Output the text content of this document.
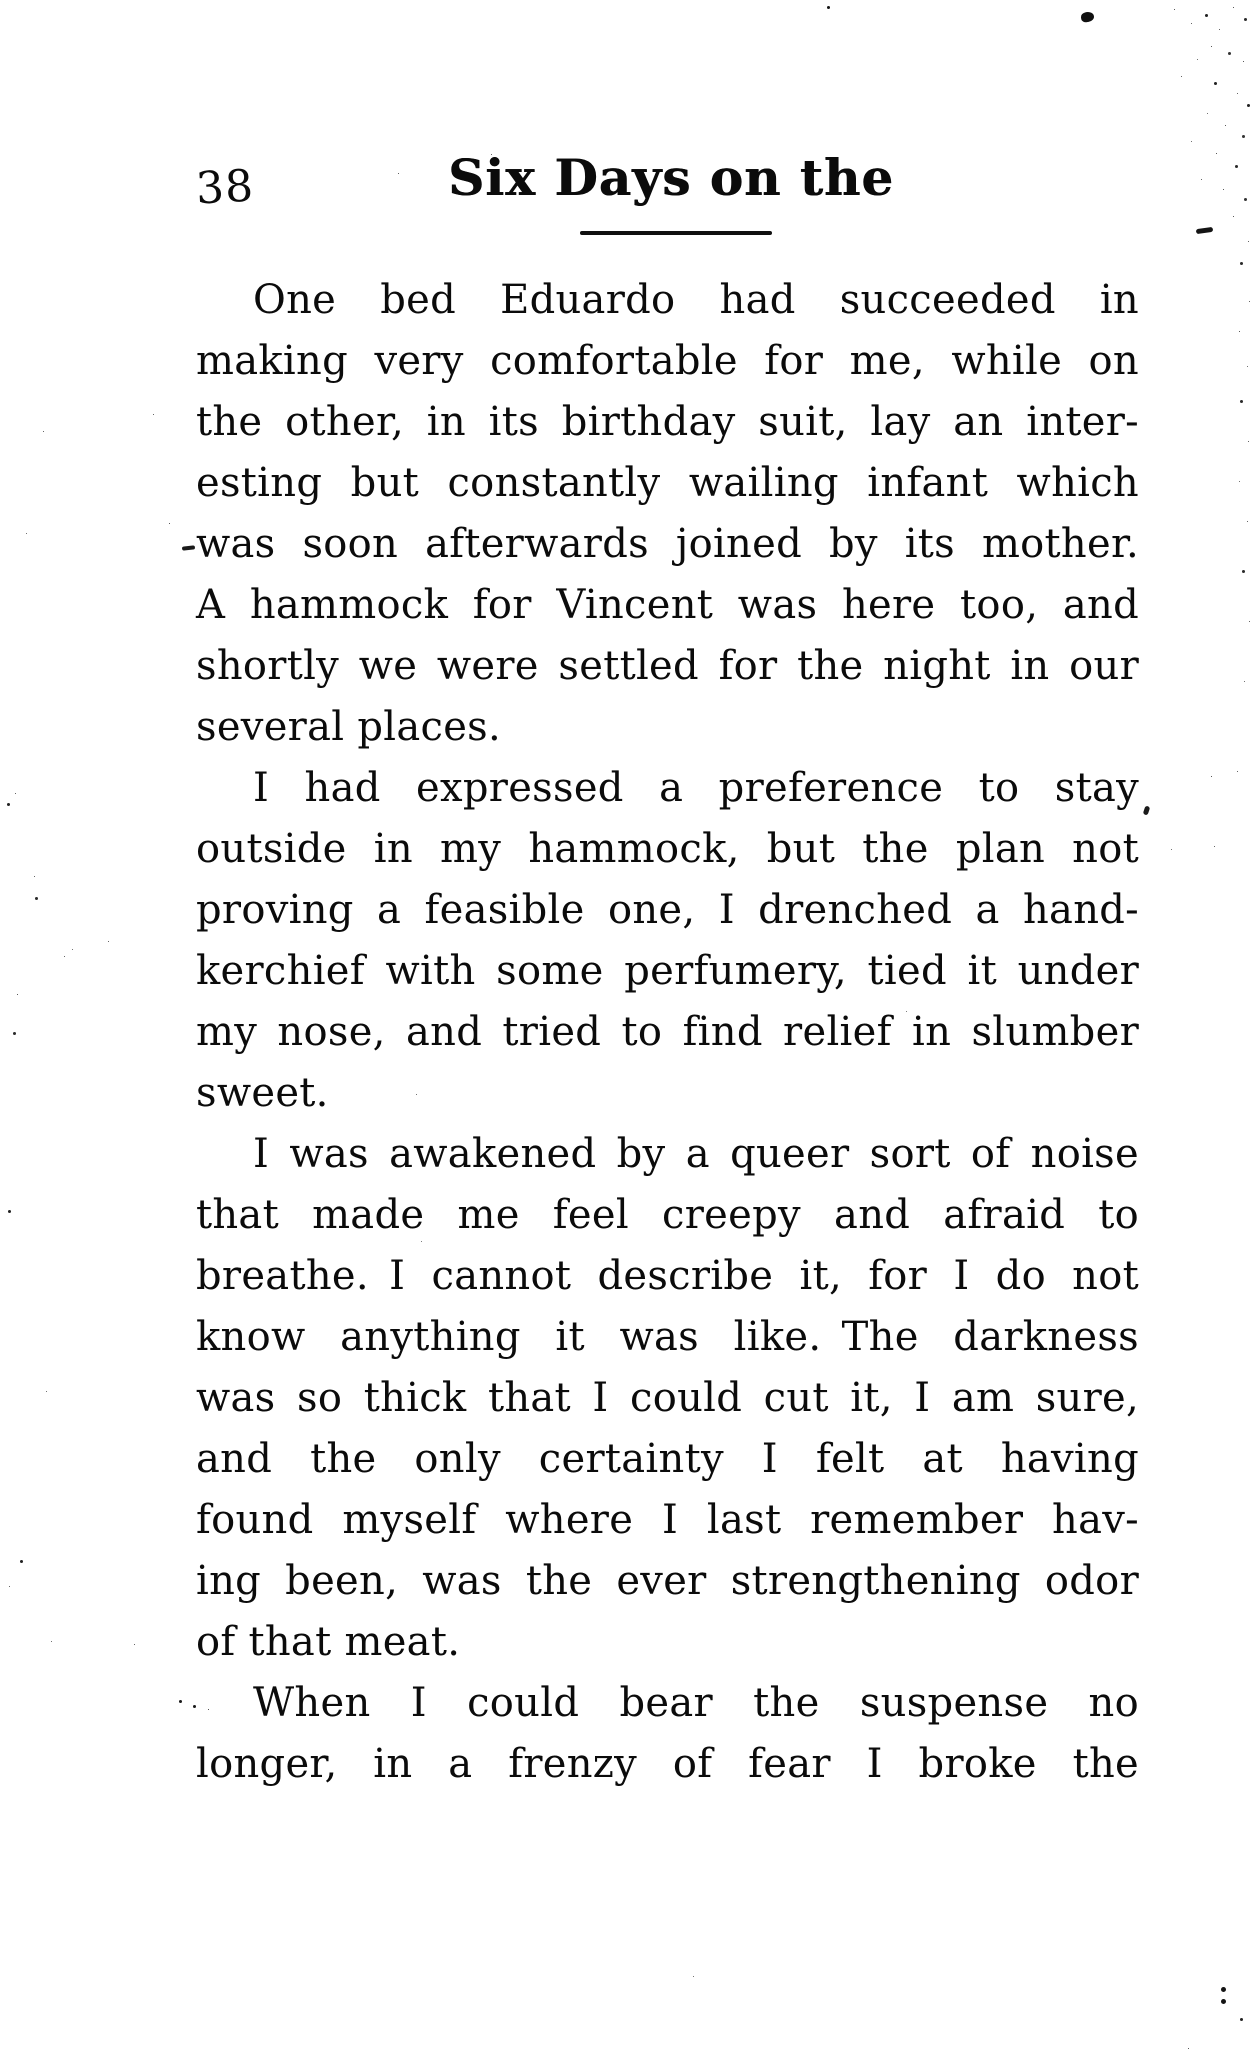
38	Six Days on the
One bed Eduardo had succeeded in
making very comfortable for me, while on
the other, in its birthday suit, lay an inter-
esting but constantly wailing infant which
was soon afterwards joined by its mother.
A hammock for Vincent was here too, and
shortly we were settled for the night in our
several places.
I had expressed a preference to stay
outside in my hammock, but the plan not
proving a feasible one, I drenched a hand-
kerchief with some perfumery, tied it under
my nose, and tried to find relief in slumber
sweet.
I was awakened by a queer sort of noise
that made me feel creepy and afraid to
breathe. I cannot describe it, for I do not
know anything it was like. The darkness
was so thick that I could cut it, I am sure,
and the only certainty I felt at having
found myself where I last remember hav-
ing been, was the ever strengthening odor
of that meat.
When I could bear the suspense no
longer, in a frenzy of fear I broke the
